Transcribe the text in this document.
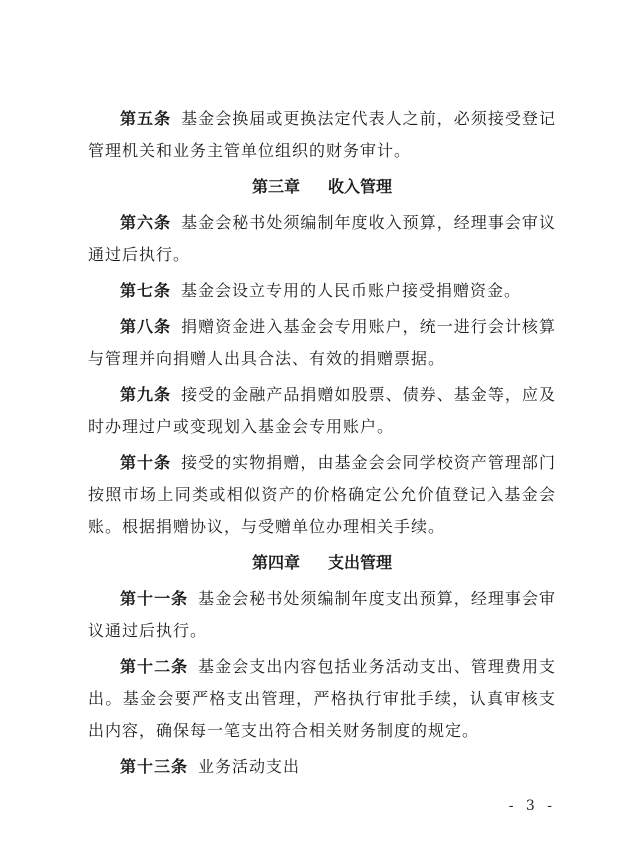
第五条 基金会换届或更换法定代表人之前，必须接受登记管理机关和业务主管单位组织的财务审计。

第三章 收入管理

第六条 基金会秘书处须编制年度收入预算，经理事会审议通过后执行。

第七条 基金会设立专用的人民币账户接受捐赠资金。

第八条 捐赠资金进入基金会专用账户，统一进行会计核算与管理并向捐赠人出具合法、有效的捐赠票据。

第九条 接受的金融产品捐赠如股票、债券、基金等，应及时办理过户或变现划入基金会专用账户。

第十条 接受的实物捐赠，由基金会会同学校资产管理部门按照市场上同类或相似资产的价格确定公允价值登记入基金会账。根据捐赠协议，与受赠单位办理相关手续。

第四章 支出管理

第十一条 基金会秘书处须编制年度支出预算，经理事会审议通过后执行。

第十二条 基金会支出内容包括业务活动支出、管理费用支出。基金会要严格支出管理，严格执行审批手续，认真审核支出内容，确保每一笔支出符合相关财务制度的规定。

第十三条 业务活动支出

- 3 -
